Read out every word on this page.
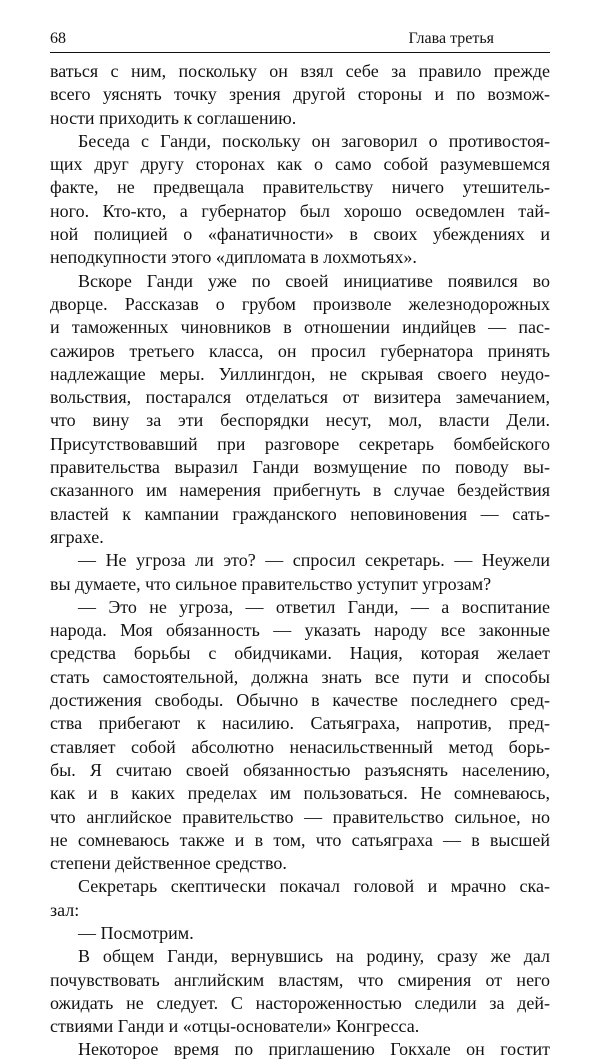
68	Глава третья
ваться с ним, поскольку он взял себе за правило прежде
всего уяснять точку зрения другой стороны и по возмож-
ности приходить к соглашению.
Беседа с Ганди, поскольку он заговорил о противостоя-
щих друг другу сторонах как о само собой разумевшемся
факте, не предвещала правительству ничего утешитель-
ного. Кто-кто, а губернатор был хорошо осведомлен тай-
ной полицией о «фанатичности» в своих убеждениях и
неподкупности этого «дипломата в лохмотьях».
Вскоре Ганди уже по своей инициативе появился во
дворце. Рассказав о грубом произволе железнодорожных
и таможенных чиновников в отношении индийцев — пас-
сажиров третьего класса, он просил губернатора принять
надлежащие меры. Уиллингдон, не скрывая своего неудо-
вольствия, постарался отделаться от визитера замечанием,
что вину за эти беспорядки несут, мол, власти Дели.
Присутствовавший при разговоре секретарь бомбейского
правительства выразил Ганди возмущение по поводу вы-
сказанного им намерения прибегнуть в случае бездействия
властей к кампании гражданского неповиновения — сать-
яграхе.
— Не угроза ли это? — спросил секретарь. — Неужели
вы думаете, что сильное правительство уступит угрозам?
— Это не угроза, — ответил Ганди, — а воспитание
народа. Моя обязанность — указать народу все законные
средства борьбы с обидчиками. Нация, которая желает
стать самостоятельной, должна знать все пути и способы
достижения свободы. Обычно в качестве последнего сред-
ства прибегают к насилию. Сатьяграха, напротив, пред-
ставляет собой абсолютно ненасильственный метод борь-
бы. Я считаю своей обязанностью разъяснять населению,
как и в каких пределах им пользоваться. Не сомневаюсь,
что английское правительство — правительство сильное, но
не сомневаюсь также и в том, что сатьяграха — в высшей
степени действенное средство.
Секретарь скептически покачал головой и мрачно ска-
зал:
— Посмотрим.
В общем Ганди, вернувшись на родину, сразу же дал
почувствовать английским властям, что смирения от него
ожидать не следует. С настороженностью следили за дей-
ствиями Ганди и «отцы-основатели» Конгресса.
Некоторое время по приглашению Гокхале он гостит
